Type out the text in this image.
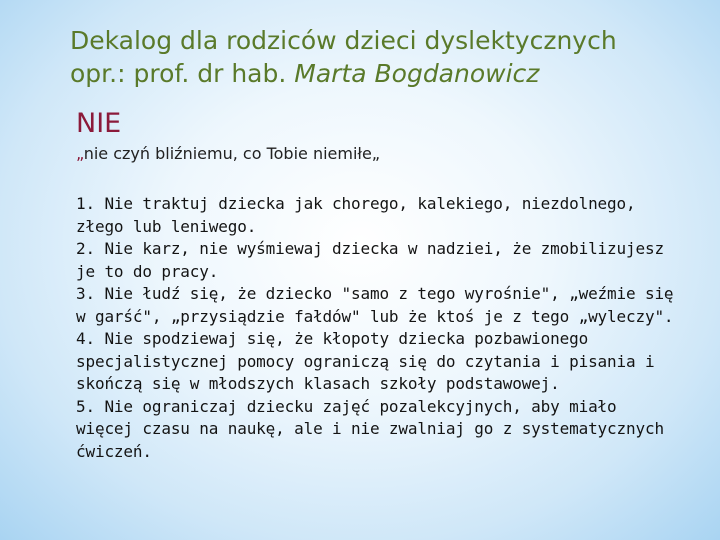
Dekalog dla rodziców dzieci dyslektycznych
opr.: prof. dr hab. Marta Bogdanowicz
NIE
„nie czyń bliźniemu, co Tobie niemiłe„
1. Nie traktuj dziecka jak chorego, kalekiego, niezdolnego,
złego lub leniwego.
2. Nie karz, nie wyśmiewaj dziecka w nadziei, że zmobilizujesz
je to do pracy.
3. Nie łudź się, że dziecko "samo z tego wyrośnie", „weźmie się
w garść", „przysiądzie fałdów" lub że ktoś je z tego „wyleczy".
4. Nie spodziewaj się, że kłopoty dziecka pozbawionego
specjalistycznej pomocy ograniczą się do czytania i pisania i
skończą się w młodszych klasach szkoły podstawowej.
5. Nie ograniczaj dziecku zajęć pozalekcyjnych, aby miało
więcej czasu na naukę, ale i nie zwalniaj go z systematycznych
ćwiczeń.
